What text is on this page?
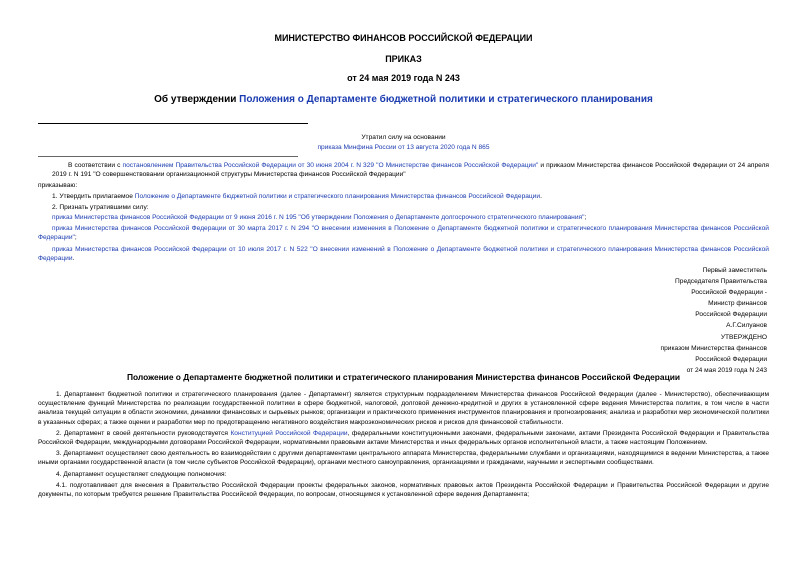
МИНИСТЕРСТВО ФИНАНСОВ РОССИЙСКОЙ ФЕДЕРАЦИИ
ПРИКАЗ
от 24 мая 2019 года N 243
Об утверждении Положения о Департаменте бюджетной политики и стратегического планирования
Утратил силу на основании
приказа Минфина России от 13 августа 2020 года N 865

В соответствии с постановлением Правительства Российской Федерации от 30 июня 2004 г. N 329 "О Министерстве финансов Российской Федерации" и приказом Министерства финансов Российской Федерации от 24 апреля 2019 г. N 191 "О совершенствовании организационной структуры Министерства финансов Российской Федерации"

приказываю:

1. Утвердить прилагаемое Положение о Департаменте бюджетной политики и стратегического планирования Министерства финансов Российской Федерации.

2. Признать утратившими силу:

приказ Министерства финансов Российской Федерации от 9 июня 2016 г. N 195 "Об утверждении Положения о Департаменте долгосрочного стратегического планирования";

приказ Министерства финансов Российской Федерации от 30 марта 2017 г. N 294 "О внесении изменения в Положение о Департаменте бюджетной политики и стратегического планирования Министерства финансов Российской Федерации";

приказ Министерства финансов Российской Федерации от 10 июля 2017 г. N 522 "О внесении изменений в Положение о Департаменте бюджетной политики и стратегического планирования Министерства финансов Российской Федерации.

Первый заместитель
Председателя Правительства
Российской Федерации -
Министр финансов
Российской Федерации
А.Г.Силуанов
УТВЕРЖДЕНО
приказом Министерства финансов
Российской Федерации
от 24 мая 2019 года N 243
Положение о Департаменте бюджетной политики и стратегического планирования Министерства финансов Российской Федерации

1. Департамент бюджетной политики и стратегического планирования (далее - Департамент) является структурным подразделением Министерства финансов Российской Федерации (далее - Министерство), обеспечивающим осуществление функций Министерства по реализации государственной политики в сфере бюджетной, налоговой, долговой денежно-кредитной и других в установленной сфере ведения Министерства политик, в том числе в части анализа текущей ситуации в области экономики, динамики финансовых и сырьевых рынков; организации и практического применения инструментов планирования и прогнозирования; анализа и разработки мер экономической политики в указанных сферах; а также оценки и разработки мер по предотвращению негативного воздействия макроэкономических рисков и рисков для финансовой стабильности.

2. Департамент в своей деятельности руководствуется Конституцией Российской Федерации, федеральными конституционными законами, федеральными законами, актами Президента Российской Федерации и Правительства Российской Федерации, международными договорами Российской Федерации, нормативными правовыми актами Министерства и иных федеральных органов исполнительной власти, а также настоящим Положением.

3. Департамент осуществляет свою деятельность во взаимодействии с другими департаментами центрального аппарата Министерства, федеральными службами и организациями, находящимися в ведении Министерства, а также иными органами государственной власти (в том числе субъектов Российской Федерации), органами местного самоуправления, организациями и гражданами, научными и экспертными сообществами.

4. Департамент осуществляет следующие полномочия:

4.1. подготавливает для внесения в Правительство Российской Федерации проекты федеральных законов, нормативных правовых актов Президента Российской Федерации и Правительства Российской Федерации и другие документы, по которым требуется решение Правительства Российской Федерации, по вопросам, относящимся к установленной сфере ведения Департамента;
